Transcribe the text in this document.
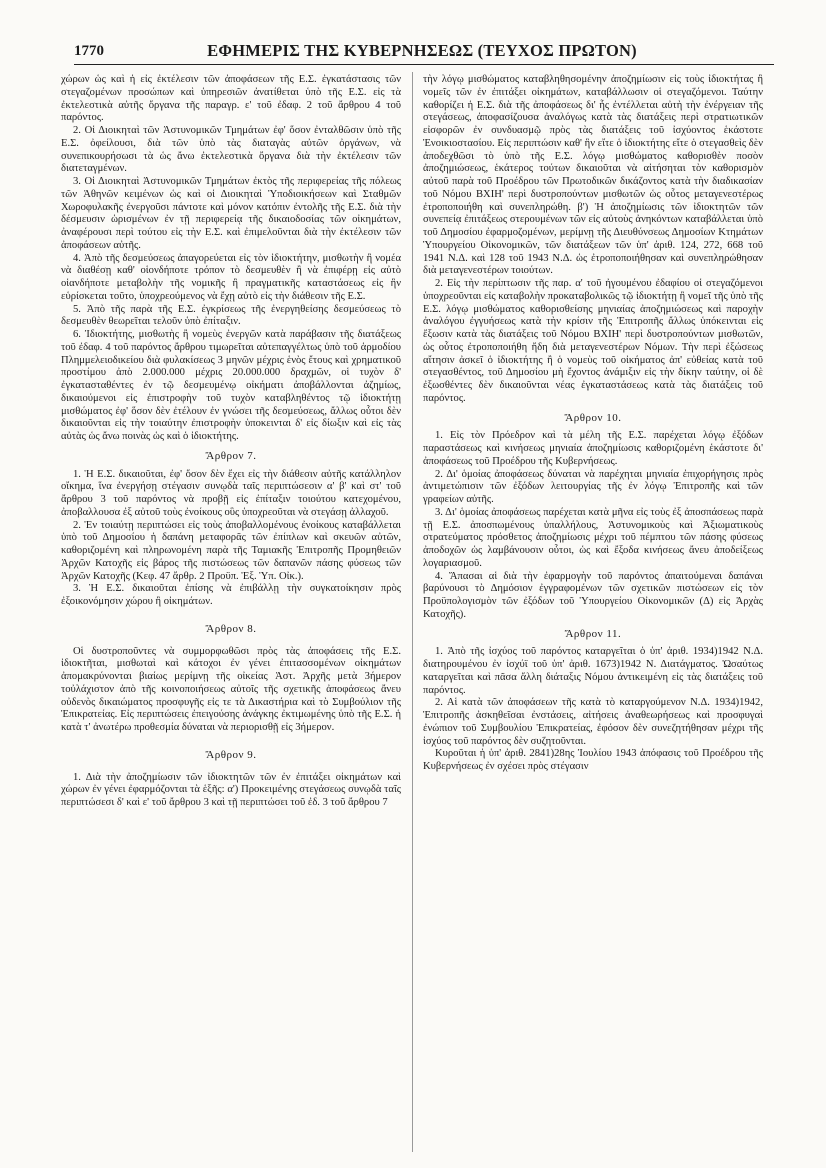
1770	ΕΦΗΜΕΡΙΣ ΤΗΣ ΚΥΒΕΡΝΗΣΕΩΣ (ΤΕΥΧΟΣ ΠΡΩΤΟΝ)

χώρων ὡς καὶ ἡ εἰς ἐκτέλεσιν τῶν ἀποφάσεων τῆς Ε.Σ. ἐγκατάστασις τῶν στεγαζομένων προσώπων καὶ ὑπηρεσιῶν ἀνατίθεται ὑπὸ τῆς Ε.Σ. εἰς τὰ ἐκτελεστικὰ αὐτῆς ὄργανα τῆς παραγρ. ε' τοῦ ἐδαφ. 2 τοῦ ἄρθρου 4 τοῦ παρόντος.

2. Οἱ Διοικηταὶ τῶν Ἀστυνομικῶν Τμημάτων ἐφ' ὅσον ἐνταλθῶσιν ὑπὸ τῆς Ε.Σ. ὀφείλουσι, διὰ τῶν ὑπὸ τὰς διαταγὰς αὐτῶν ὀργάνων, νὰ συνεπικουρήσωσι τὰ ὡς ἄνω ἐκτελεστικὰ ὄργανα διὰ τὴν ἐκτέλεσιν τῶν διατεταγμένων.

3. Οἱ Διοικηταὶ Ἀστυνομικῶν Τμημάτων ἐκτὸς τῆς περιφερείας τῆς πόλεως τῶν Ἀθηνῶν κειμένων ὡς καὶ οἱ Διοικηταὶ Ὑποδιοικήσεων καὶ Σταθμῶν Χωροφυλακῆς ἐνεργοῦσι πάντοτε καὶ μόνον κατόπιν ἐντολῆς τῆς Ε.Σ. διὰ τὴν δέσμευσιν ὡρισμένων ἐν τῇ περιφερείᾳ τῆς δικαιοδοσίας τῶν οἰκημάτων, ἀναφέρουσι περὶ τούτου εἰς τὴν Ε.Σ. καὶ ἐπιμελοῦνται διὰ τὴν ἐκτέλεσιν τῶν ἀποφάσεων αὐτῆς.

4. Ἀπὸ τῆς δεσμεύσεως ἀπαγορεύεται εἰς τὸν ἰδιοκτήτην, μισθωτὴν ἢ νομέα νὰ διαθέσῃ καθ' οἱονδήποτε τρόπον τὸ δεσμευθὲν ἢ νὰ ἐπιφέρῃ εἰς αὐτὸ οἱανδήποτε μεταβολὴν τῆς νομικῆς ἢ πραγματικῆς καταστάσεως εἰς ἣν εὑρίσκεται τοῦτο, ὑποχρεούμενος νὰ ἔχῃ αὐτὸ εἰς τὴν διάθεσιν τῆς Ε.Σ.

5. Ἀπὸ τῆς παρὰ τῆς Ε.Σ. ἐγκρίσεως τῆς ἐνεργηθείσης δεσμεύσεως τὸ δεσμευθὲν θεωρεῖται τελοῦν ὑπὸ ἐπίταξιν.

6. Ἰδιοκτήτης, μισθωτὴς ἢ νομεὺς ἐνεργῶν κατὰ παράβασιν τῆς διατάξεως τοῦ ἐδαφ. 4 τοῦ παρόντος ἄρθρου τιμωρεῖται αὐτεπαγγέλτως ὑπὸ τοῦ ἁρμοδίου Πλημμελειοδικείου διὰ φυλακίσεως 3 μηνῶν μέχρις ἑνὸς ἔτους καὶ χρηματικοῦ προστίμου ἀπὸ 2.000.000 μέχρις 20.000.000 δραχμῶν, οἱ τυχὸν δ' ἐγκατασταθέντες ἐν τῷ δεσμευμένῳ οἰκήματι ἀποβάλλονται ἀζημίως, δικαιούμενοι εἰς ἐπιστροφὴν τοῦ τυχὸν καταβληθέντος τῷ ἰδιοκτήτῃ μισθώματος ἐφ' ὅσον δὲν ἐτέλουν ἐν γνώσει τῆς δεσμεύσεως, ἄλλως οὗτοι δὲν δικαιοῦνται εἰς τὴν τοιαύτην ἐπιστροφὴν ὑποκεινται δ' εἰς δίωξιν καὶ εἰς τὰς αὐτὰς ὡς ἄνω ποινὰς ὡς καὶ ὁ ἰδιοκτήτης.

Ἄρθρον 7.

1. Ἡ Ε.Σ. δικαιοῦται, ἐφ' ὅσον δὲν ἔχει εἰς τὴν διάθεσιν αὐτῆς κατάλληλον οἴκημα, ἵνα ἐνεργήσῃ στέγασιν συνῳδὰ ταῖς περιπτώσεσιν α' β' καὶ στ' τοῦ ἄρθρου 3 τοῦ παρόντος νὰ προβῇ εἰς ἐπίταξιν τοιούτου κατεχομένου, ἀποβαλλουσα ἐξ αὐτοῦ τοὺς ἐνοίκους οὓς ὑποχρεοῦται νὰ στεγάσῃ ἀλλαχοῦ.

2. Ἐν τοιαύτῃ περιπτώσει εἰς τοὺς ἀποβαλλομένους ἐνοίκους καταβάλλεται ὑπὸ τοῦ Δημοσίου ἡ δαπάνη μεταφορᾶς τῶν ἐπίπλων καὶ σκευῶν αὐτῶν, καθοριζομένη καὶ πληρωνομένη παρὰ τῆς Ταμιακῆς Ἐπιτροπῆς Προμηθειῶν Ἀρχῶν Κατοχῆς εἰς βάρος τῆς πιστώσεως τῶν δαπανῶν πάσης φύσεως τῶν Ἀρχῶν Κατοχῆς (Κεφ. 47 ἄρθρ. 2 Προϋπ. Ἐξ. Ὑπ. Οἰκ.).

3. Ἡ Ε.Σ. δικαιοῦται ἐπίσης νὰ ἐπιβάλλῃ τὴν συγκατοίκησιν πρὸς ἐξοικονόμησιν χώρου ἢ οἰκημάτων.

Ἄρθρον 8.

Οἱ δυστροποῦντες νὰ συμμορφωθῶσι πρὸς τὰς ἀποφάσεις τῆς Ε.Σ. ἰδιοκτῆται, μισθωταὶ καὶ κάτοχοι ἐν γένει ἐπιτασσομένων οἰκημάτων ἀπομακρύνονται βιαίως μερίμνῃ τῆς οἰκείας Ἀστ. Ἀρχῆς μετὰ 3ήμερον τοὐλάχιστον ἀπὸ τῆς κοινοποιήσεως αὐτοῖς τῆς σχετικῆς ἀποφάσεως ἄνευ οὐδενὸς δικαιώματος προσφυγῆς εἰς τε τὰ Δικαστήρια καὶ τὸ Συμβούλιον τῆς Ἐπικρατείας. Εἰς περιπτώσεις ἐπειγούσης ἀνάγκης ἐκτιμωμένης ὑπὸ τῆς Ε.Σ. ἡ κατὰ τ' ἀνωτέρω προθεσμία δύναται νὰ περιορισθῇ εἰς 3ήμερον.

Ἄρθρον 9.

1. Διὰ τὴν ἀποζημίωσιν τῶν ἰδιοκτητῶν τῶν ἐν ἐπιτάξει οἰκημάτων καὶ χώρων ἐν γένει ἐφαρμόζονται τὰ ἑξῆς: α') Προκειμένης στεγάσεως συνῳδὰ ταῖς περιπτώσεσι δ' καὶ ε' τοῦ ἄρθρου 3 καὶ τῇ περιπτώσει τοῦ ἐδ. 3 τοῦ ἄρθρου 7

τὴν λόγῳ μισθώματος καταβληθησομένην ἀποζημίωσιν εἰς τοὺς ἰδιοκτήτας ἢ νομεῖς τῶν ἐν ἐπιτάξει οἰκημάτων, καταβάλλωσιν οἱ στεγαζόμενοι. Ταύτην καθορίζει ἡ Ε.Σ. διὰ τῆς ἀποφάσεως δι' ἧς ἐντέλλεται αὐτὴ τὴν ἐνέργειαν τῆς στεγάσεως, ἀποφασίζουσα ἀναλόγως κατὰ τὰς διατάξεις περὶ στρατιωτικῶν εἰσφορῶν ἐν συνδυασμῷ πρὸς τὰς διατάξεις τοῦ ἰσχύοντος ἑκάστοτε Ἐνοικιοστασίου. Εἰς περιπτώσιν καθ' ἣν εἴτε ὁ ἰδιοκτήτης εἴτε ὁ στεγασθεὶς δὲν ἀποδεχθῶσι τὸ ὑπὸ τῆς Ε.Σ. λόγῳ μισθώματος καθορισθὲν ποσὸν ἀποζημιώσεως, ἑκάτερος τούτων δικαιοῦται νὰ αἰτήσηται τὸν καθορισμὸν αὐτοῦ παρὰ τοῦ Προέδρου τῶν Πρωτοδικῶν δικάζοντος κατὰ τὴν διαδικασίαν τοῦ Νόμου ΒΧΙΗ' περὶ δυστροπούντων μισθωτῶν ὡς οὗτος μεταγενεστέρως ἐτροποποιήθη καὶ συνεπληρώθη. β') Ἡ ἀποζημίωσις τῶν ἰδιοκτητῶν τῶν συνεπείᾳ ἐπιτάξεως στερουμένων τῶν εἰς αὐτοὺς ἀνηκόντων καταβάλλεται ὑπὸ τοῦ Δημοσίου ἐφαρμοζομένων, μερίμνῃ τῆς Διευθύνσεως Δημοσίων Κτημάτων Ὑπουργείου Οἰκονομικῶν, τῶν διατάξεων τῶν ὑπ' ἀριθ. 124, 272, 668 τοῦ 1941 Ν.Δ. καὶ 128 τοῦ 1943 Ν.Δ. ὡς ἐτροποποιήθησαν καὶ συνεπληρώθησαν διὰ μεταγενεστέρων τοιούτων.

2. Εἰς τὴν περίπτωσιν τῆς παρ. α' τοῦ ἠγουμένου ἐδαφίου οἱ στεγαζόμενοι ὑποχρεοῦνται εἰς καταβολὴν προκαταβολικῶς τῷ ἰδιοκτήτῃ ἢ νομεῖ τῆς ὑπὸ τῆς Ε.Σ. λόγῳ μισθώματος καθορισθείσης μηνιαίας ἀποζημιώσεως καὶ παροχὴν ἀναλόγου ἐγγυήσεως κατὰ τὴν κρίσιν τῆς Ἐπιτροπῆς ἄλλως ὑπόκεινται εἰς ἔξωσιν κατὰ τὰς διατάξεις τοῦ Νόμου ΒΧΙΗ' περὶ δυστροπούντων μισθωτῶν, ὡς οὗτος ἐτροποποιήθη ἤδη διὰ μεταγενεστέρων Νόμων. Τὴν περὶ ἐξώσεως αἴτησιν ἀσκεῖ ὁ ἰδιοκτήτης ἢ ὁ νομεὺς τοῦ οἰκήματος ἀπ' εὐθείας κατὰ τοῦ στεγασθέντος, τοῦ Δημοσίου μὴ ἔχοντος ἀνάμιξιν εἰς τὴν δίκην ταύτην, οἱ δὲ ἐξωσθέντες δὲν δικαιοῦνται νέας ἐγκαταστάσεως κατὰ τὰς διατάξεις τοῦ παρόντος.

Ἄρθρον 10.

1. Εἰς τὸν Πρόεδρον καὶ τὰ μέλη τῆς Ε.Σ. παρέχεται λόγῳ ἐξόδων παραστάσεως καὶ κινήσεως μηνιαία ἀποζημίωσις καθοριζομένη ἑκάστοτε δι' ἀποφάσεως τοῦ Προέδρου τῆς Κυβερνήσεως.

2. Δι' ὁμοίας ἀποφάσεως δύναται νὰ παρέχηται μηνιαία ἐπιχορήγησις πρὸς ἀντιμετώπισιν τῶν ἐξόδων λειτουργίας τῆς ἐν λόγῳ Ἐπιτροπῆς καὶ τῶν γραφείων αὐτῆς.

3. Δι' ὁμοίας ἀποφάσεως παρέχεται κατὰ μῆνα εἰς τοὺς ἐξ ἀποσπάσεως παρὰ τῇ Ε.Σ. ἀποσπωμένους ὑπαλλήλους, Ἀστυνομικοὺς καὶ Ἀξιωματικοὺς στρατεύματος πρόσθετος ἀποζημίωσις μέχρι τοῦ πέμπτου τῶν πάσης φύσεως ἀποδοχῶν ὡς λαμβάνουσιν οὗτοι, ὡς καὶ ἔξοδα κινήσεως ἄνευ ἀποδείξεως λογαριασμοῦ.

4. Ἅπασαι αἱ διὰ τὴν ἐφαρμογὴν τοῦ παρόντος ἀπαιτούμεναι δαπάναι βαρύνουσι τὸ Δημόσιον ἐγγραφομένων τῶν σχετικῶν πιστώσεων εἰς τὸν Προϋπολογισμὸν τῶν ἐξόδων τοῦ Ὑπουργείου Οἰκονομικῶν (Δ) εἰς Ἀρχὰς Κατοχῆς).

Ἄρθρον 11.

1. Ἀπὸ τῆς ἰσχύος τοῦ παρόντος καταργεῖται ὁ ὑπ' ἀριθ. 1934)1942 Ν.Δ. διατηρουμένου ἐν ἰσχύϊ τοῦ ὑπ' ἀριθ. 1673)1942 Ν. Διατάγματος. Ὡσαύτως καταργεῖται καὶ πᾶσα ἄλλη διάταξις Νόμου ἀντικειμένη εἰς τὰς διατάξεις τοῦ παρόντος.

2. Αἱ κατὰ τῶν ἀποφάσεων τῆς κατὰ τὸ καταργούμενον Ν.Δ. 1934)1942, Ἐπιτροπῆς ἀσκηθεῖσαι ἐνστάσεις, αἰτήσεις ἀναθεωρήσεως καὶ προσφυγαὶ ἐνώπιον τοῦ Συμβουλίου Ἐπικρατείας, ἐφόσον δὲν συνεζητήθησαν μέχρι τῆς ἰσχύος τοῦ παρόντος δὲν συζητοῦνται.

Κυροῦται ἡ ὑπ' ἀριθ. 2841)28ης Ἰουλίου 1943 ἀπόφασις τοῦ Προέδρου τῆς Κυβερνήσεως ἐν σχέσει πρὸς στέγασιν
